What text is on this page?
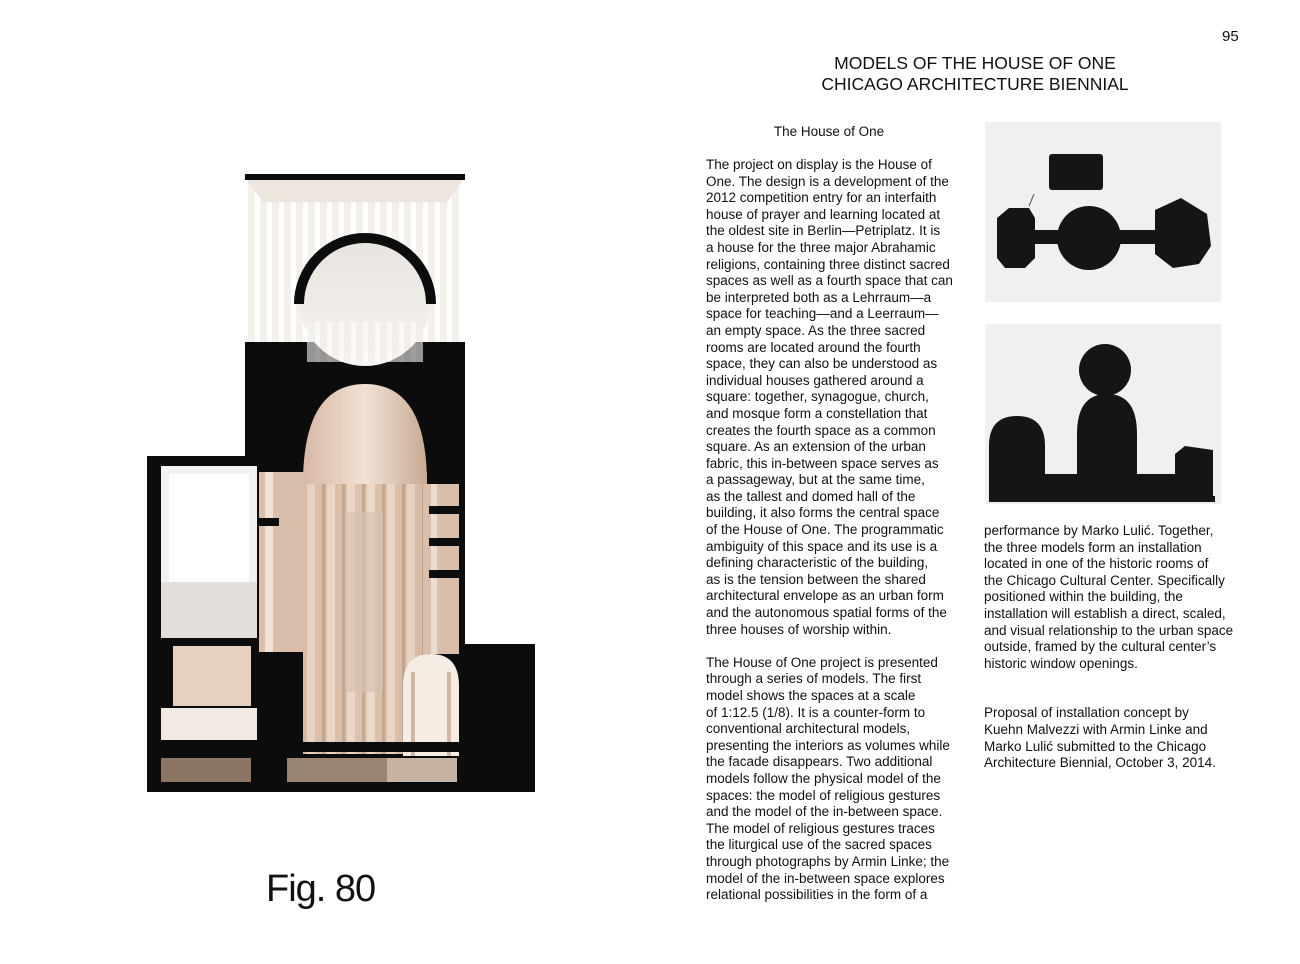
95
MODELS OF THE HOUSE OF ONE
CHICAGO ARCHITECTURE BIENNIAL
The House of One

The project on display is the House of
One. The design is a development of the
2012 competition entry for an interfaith
house of prayer and learning located at
the oldest site in Berlin—Petriplatz. It is
a house for the three major Abrahamic
religions, containing three distinct sacred
spaces as well as a fourth space that can
be interpreted both as a Lehrraum—a
space for teaching—and a Leerraum—
an empty space. As the three sacred
rooms are located around the fourth
space, they can also be understood as
individual houses gathered around a
square: together, synagogue, church,
and mosque form a constellation that
creates the fourth space as a common
square. As an extension of the urban
fabric, this in-between space serves as
a passageway, but at the same time,
as the tallest and domed hall of the
building, it also forms the central space
of the House of One. The programmatic
ambiguity of this space and its use is a
defining characteristic of the building,
as is the tension between the shared
architectural envelope as an urban form
and the autonomous spatial forms of the
three houses of worship within.

The House of One project is presented
through a series of models. The first
model shows the spaces at a scale
of 1:12.5 (1/8). It is a counter-form to
conventional architectural models,
presenting the interiors as volumes while
the facade disappears. Two additional
models follow the physical model of the
spaces: the model of religious gestures
and the model of the in-between space.
The model of religious gestures traces
the liturgical use of the sacred spaces
through photographs by Armin Linke; the
model of the in-between space explores
relational possibilities in the form of a

performance by Marko Lulić. Together,
the three models form an installation
located in one of the historic rooms of
the Chicago Cultural Center. Specifically
positioned within the building, the
installation will establish a direct, scaled,
and visual relationship to the urban space
outside, framed by the cultural center’s
historic window openings.

Proposal of installation concept by
Kuehn Malvezzi with Armin Linke and
Marko Lulić submitted to the Chicago
Architecture Biennial, October 3, 2014.

Fig. 80
